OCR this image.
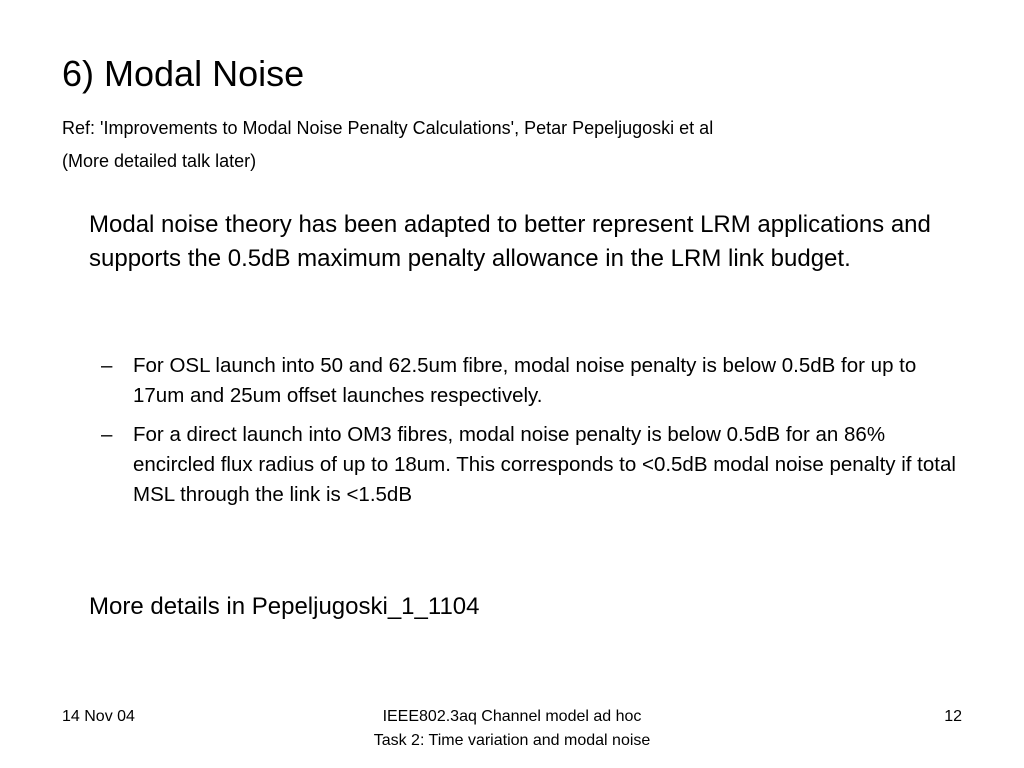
6) Modal Noise
Ref: 'Improvements to Modal Noise Penalty Calculations', Petar Pepeljugoski et al
(More detailed talk later)
Modal noise theory has been adapted to better represent LRM applications and supports the 0.5dB maximum penalty allowance in the LRM link budget.
–	For OSL launch into 50 and 62.5um fibre, modal noise penalty is below 0.5dB for up to 17um and 25um offset launches respectively.
–	For a direct launch into OM3 fibres, modal noise penalty is below 0.5dB for an 86% encircled flux radius of up to 18um. This corresponds to <0.5dB modal noise penalty if total MSL through the link is <1.5dB
More details in Pepeljugoski_1_1104
14 Nov 04	IEEE802.3aq Channel model ad hoc
Task 2: Time variation and modal noise
12
